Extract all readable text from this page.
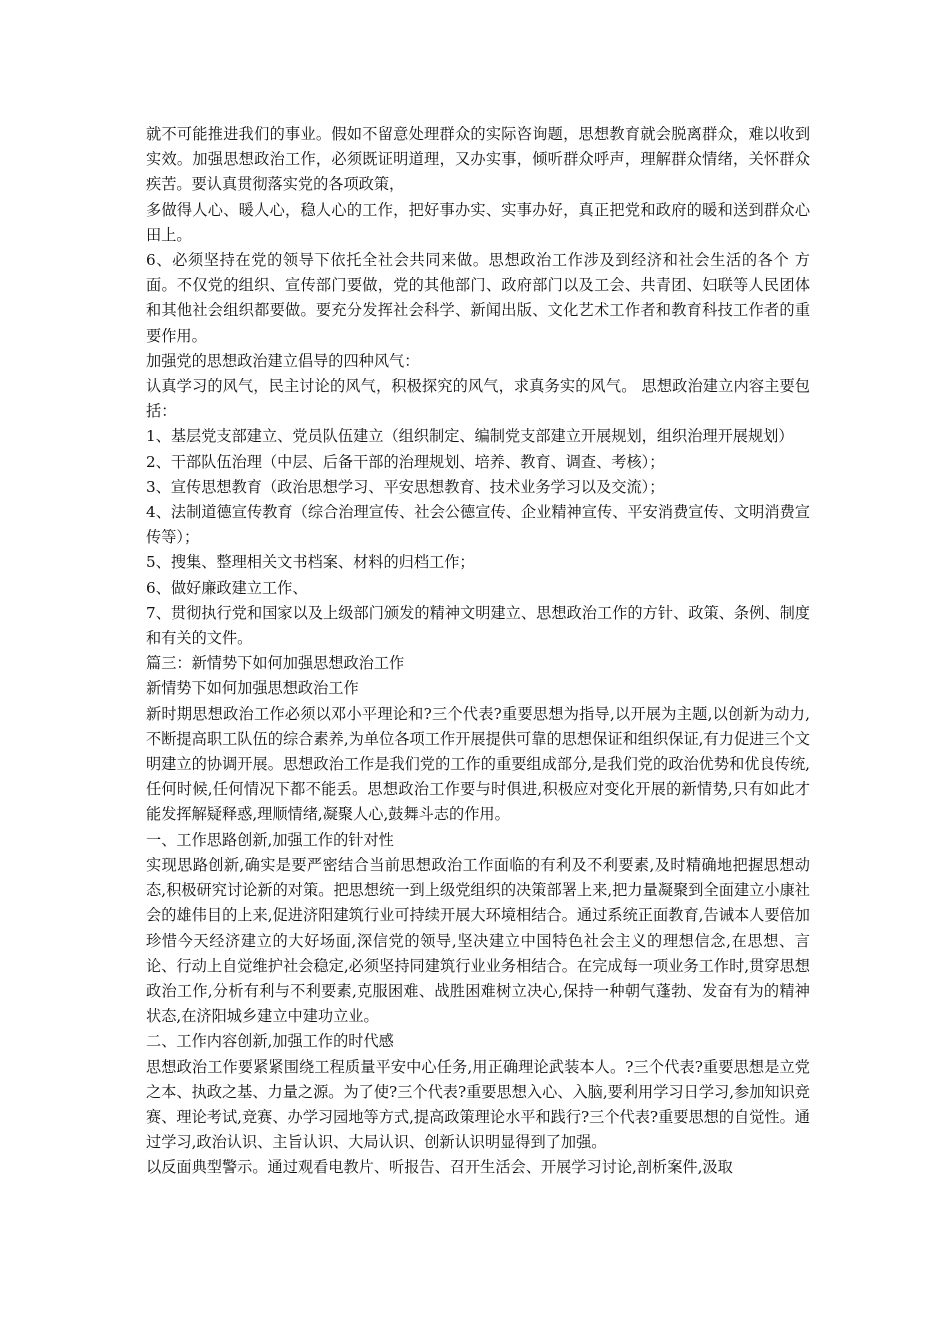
就不可能推进我们的事业。假如不留意处理群众的实际咨询题，思想教育就会脱离群众，难以收到实效。加强思想政治工作，必须既证明道理，又办实事，倾听群众呼声，理解群众情绪，关怀群众疾苦。要认真贯彻落实党的各项政策，

多做得人心、暖人心，稳人心的工作，把好事办实、实事办好，真正把党和政府的暖和送到群众心田上。

6、必须坚持在党的领导下依托全社会共同来做。思想政治工作涉及到经济和社会生活的各个 方面。不仅党的组织、宣传部门要做，党的其他部门、政府部门以及工会、共青团、妇联等人民团体和其他社会组织都要做。要充分发挥社会科学、新闻出版、文化艺术工作者和教育科技工作者的重要作用。

加强党的思想政治建立倡导的四种风气：

认真学习的风气，民主讨论的风气，积极探究的风气，求真务实的风气。 思想政治建立内容主要包括：

1、基层党支部建立、党员队伍建立（组织制定、编制党支部建立开展规划，组织治理开展规划）

2、干部队伍治理（中层、后备干部的治理规划、培养、教育、调查、考核）；

3、宣传思想教育（政治思想学习、平安思想教育、技术业务学习以及交流）；

4、法制道德宣传教育（综合治理宣传、社会公德宣传、企业精神宣传、平安消费宣传、文明消费宣传等）；

5、搜集、整理相关文书档案、材料的归档工作；

6、做好廉政建立工作、

7、贯彻执行党和国家以及上级部门颁发的精神文明建立、思想政治工作的方针、政策、条例、制度和有关的文件。

篇三：新情势下如何加强思想政治工作

新情势下如何加强思想政治工作

新时期思想政治工作必须以邓小平理论和?三个代表?重要思想为指导,以开展为主题,以创新为动力,不断提高职工队伍的综合素养,为单位各项工作开展提供可靠的思想保证和组织保证,有力促进三个文明建立的协调开展。思想政治工作是我们党的工作的重要组成部分,是我们党的政治优势和优良传统,任何时候,任何情况下都不能丢。思想政治工作要与时俱进,积极应对变化开展的新情势,只有如此才能发挥解疑释惑,理顺情绪,凝聚人心,鼓舞斗志的作用。

一、工作思路创新,加强工作的针对性

实现思路创新,确实是要严密结合当前思想政治工作面临的有利及不利要素,及时精确地把握思想动态,积极研究讨论新的对策。把思想统一到上级党组织的决策部署上来,把力量凝聚到全面建立小康社会的雄伟目的上来,促进济阳建筑行业可持续开展大环境相结合。通过系统正面教育,告诫本人要倍加珍惜今天经济建立的大好场面,深信党的领导,坚决建立中国特色社会主义的理想信念,在思想、言论、行动上自觉维护社会稳定,必须坚持同建筑行业业务相结合。在完成每一项业务工作时,贯穿思想政治工作,分析有利与不利要素,克服困难、战胜困难树立决心,保持一种朝气蓬勃、发奋有为的精神状态,在济阳城乡建立中建功立业。

二、工作内容创新,加强工作的时代感

思想政治工作要紧紧围绕工程质量平安中心任务,用正确理论武装本人。?三个代表?重要思想是立党之本、执政之基、力量之源。为了使?三个代表?重要思想入心、入脑,要利用学习日学习,参加知识竞赛、理论考试,竞赛、办学习园地等方式,提高政策理论水平和践行?三个代表?重要思想的自觉性。通过学习,政治认识、主旨认识、大局认识、创新认识明显得到了加强。

以反面典型警示。通过观看电教片、听报告、召开生活会、开展学习讨论,剖析案件,汲取
